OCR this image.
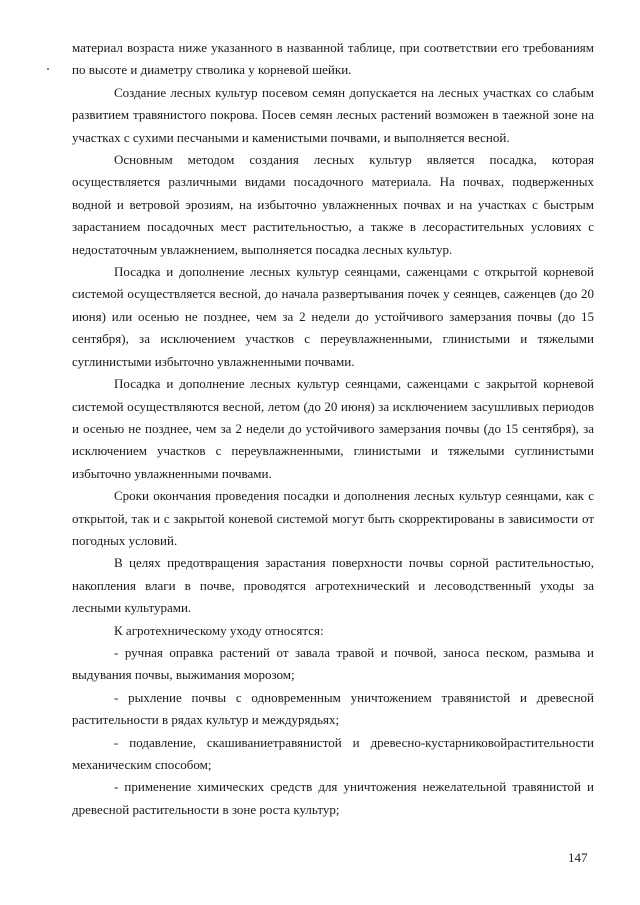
материал возраста ниже указанного в названной таблице, при соответствии его требованиям по высоте и диаметру стволика у корневой шейки.

Создание лесных культур посевом семян допускается на лесных участках со слабым развитием травянистого покрова. Посев семян лесных растений возможен в таежной зоне на участках с сухими песчаными и каменистыми почвами, и выполняется весной.

Основным методом создания лесных культур является посадка, которая осуществляется различными видами посадочного материала. На почвах, подверженных водной и ветровой эрозиям, на избыточно увлажненных почвах и на участках с быстрым зарастанием посадочных мест растительностью, а также в лесорастительных условиях с недостаточным увлажнением, выполняется посадка лесных культур.

Посадка и дополнение лесных культур сеянцами, саженцами с открытой корневой системой осуществляется весной, до начала развертывания почек у сеянцев, саженцев (до 20 июня) или осенью не позднее, чем за 2 недели до устойчивого замерзания почвы (до 15 сентября), за исключением участков с переувлажненными, глинистыми и тяжелыми суглинистыми избыточно увлажненными почвами.

Посадка и дополнение лесных культур сеянцами, саженцами с закрытой корневой системой осуществляются весной, летом (до 20 июня) за исключением засушливых периодов и осенью не позднее, чем за 2 недели до устойчивого замерзания почвы (до 15 сентября), за исключением участков с переувлажненными, глинистыми и тяжелыми суглинистыми избыточно увлажненными почвами.

Сроки окончания проведения посадки и дополнения лесных культур сеянцами, как с открытой, так и с закрытой коневой системой могут быть скорректированы в зависимости от погодных условий.

В целях предотвращения зарастания поверхности почвы сорной растительностью, накопления влаги в почве, проводятся агротехнический и лесоводственный уходы за лесными культурами.

К агротехническому уходу относятся:

- ручная оправка растений от завала травой и почвой, заноса песком, размыва и выдувания почвы, выжимания морозом;

- рыхление почвы с одновременным уничтожением травянистой и древесной растительности в рядах культур и междурядьях;

- подавление, скашиваниетравянистой и древесно-кустарниковойрастительности механическим способом;

- применение химических средств для уничтожения нежелательной травянистой и древесной растительности в зоне роста культур;

147
